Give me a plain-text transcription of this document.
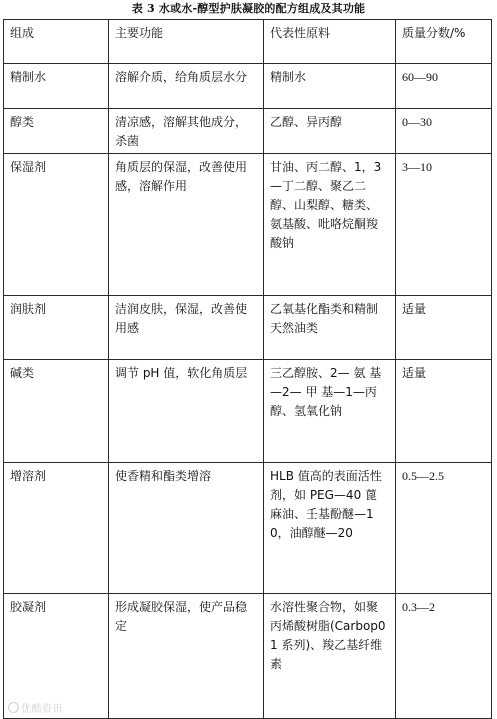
表 3 水或水-醇型护肤凝胶的配方组成及其功能
组成	主要功能	代表性原料	质量分数/%
精制水	溶解介质，给角质层水分	精制水	60—90
醇类	清凉感，溶解其他成分，杀菌	乙醇、异丙醇	0—30
保湿剂	角质层的保湿，改善使用感，溶解作用	甘油、丙二醇、1，3—丁二醇、聚乙二醇、山梨醇、糖类、氨基酸、吡咯烷酮羧酸钠	3—10
润肤剂	洁润皮肤，保湿，改善使用感	乙氧基化酯类和精制天然油类	适量
碱类	调节 pH 值，软化角质层	三乙醇胺、2— 氨 基—2— 甲 基—1—丙醇、氢氧化钠	适量
增溶剂	使香精和酯类增溶	HLB 值高的表面活性剂，如 PEG—40 蓖麻油、壬基酚醚—10，油醇醚—20	0.5—2.5
胶凝剂	形成凝胶保湿，使产品稳定	水溶性聚合物，如聚丙烯酸树脂(Carbop01 系列)、羧乙基纤维素	0.3—2
优酷资讯
